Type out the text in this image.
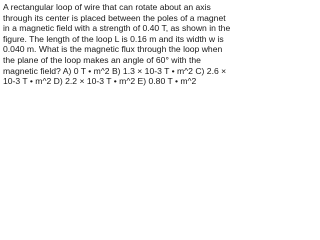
A rectangular loop of wire that can rotate about an axis through its center is placed between the poles of a magnet in a magnetic field with a strength of 0.40 T, as shown in the figure. The length of the loop L is 0.16 m and its width w is 0.040 m. What is the magnetic flux through the loop when the plane of the loop makes an angle of 60° with the magnetic field? A) 0 T • m^2 B) 1.3 × 10-3 T • m^2 C) 2.6 × 10-3 T • m^2 D) 2.2 × 10-3 T • m^2 E) 0.80 T • m^2
